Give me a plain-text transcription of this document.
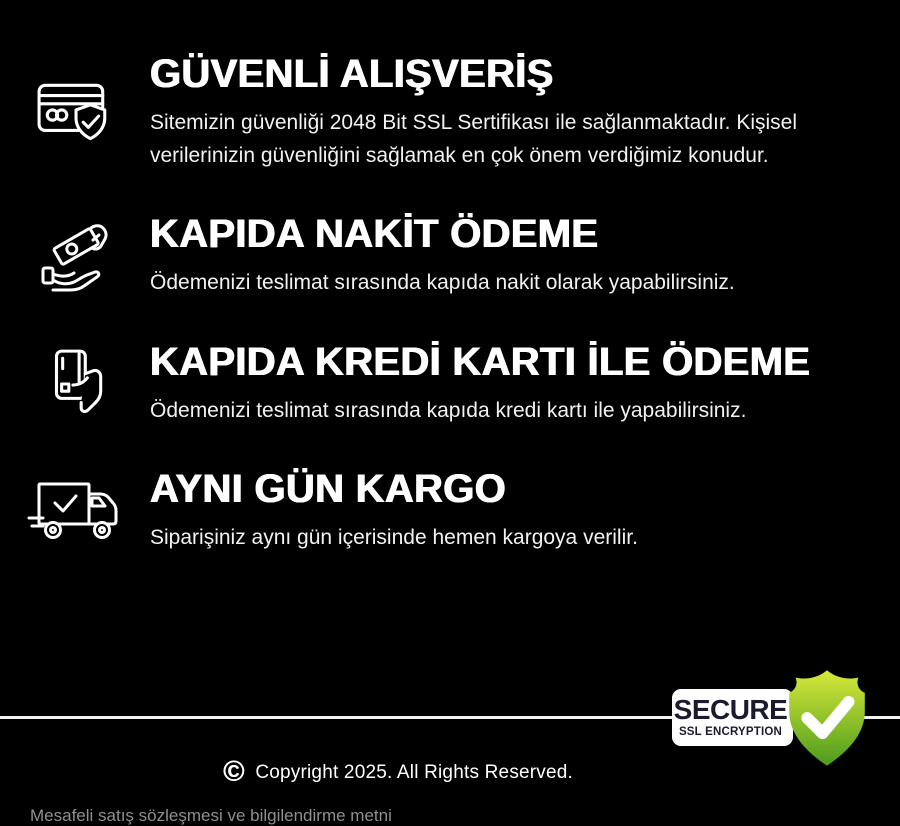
GÜVENLİ ALIŞVERİŞ

Sitemizin güvenliği 2048 Bit SSL Sertifikası ile sağlanmaktadır. Kişisel verilerinizin güvenliğini sağlamak en çok önem verdiğimiz konudur.

KAPIDA NAKİT ÖDEME

Ödemenizi teslimat sırasında kapıda nakit olarak yapabilirsiniz.

KAPIDA KREDİ KARTI İLE ÖDEME

Ödemenizi teslimat sırasında kapıda kredi kartı ile yapabilirsiniz.

AYNI GÜN KARGO

Siparişiniz aynı gün içerisinde hemen kargoya verilir.

SECURE
SSL ENCRYPTION
© Copyright 2025. All Rights Reserved.
Mesafeli satış sözleşmesi ve bilgilendirme metni
